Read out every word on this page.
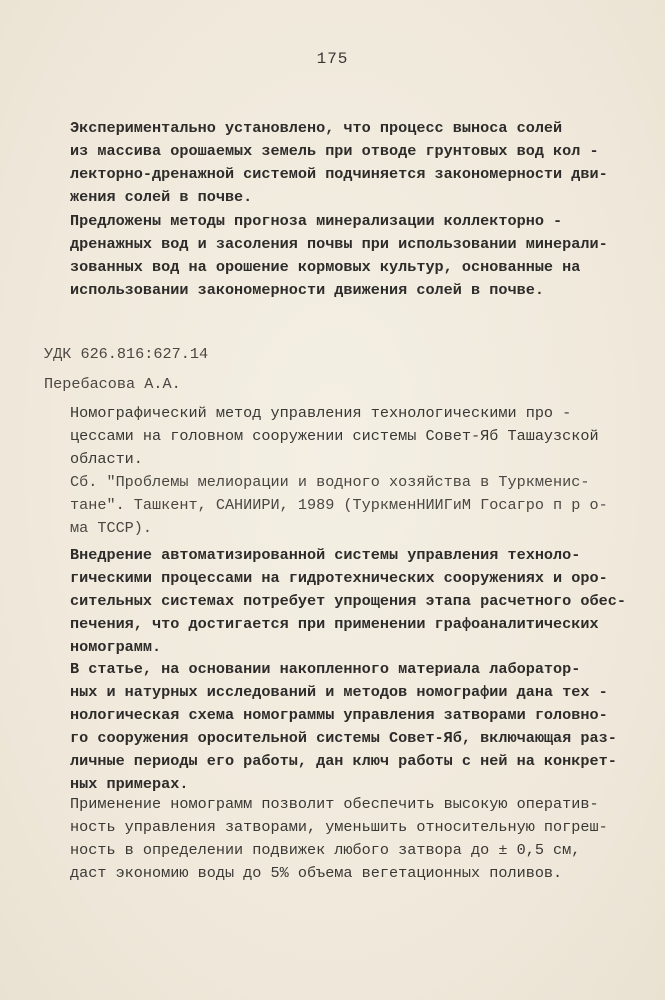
175
Экспериментально установлено, что процесс выноса солей
из массива орошаемых земель при отводе грунтовых вод кол -
лекторно-дренажной системой подчиняется закономерности дви-
жения солей в почве.
Предложены методы прогноза минерализации коллекторно -
дренажных вод и засоления почвы при использовании минерали-
зованных вод на орошение кормовых культур, основанные на
использовании закономерности движения солей в почве.
УДК 626.816:627.14
Перебасова А.А.
Номографический метод управления технологическими про -
цессами на головном сооружении системы Совет-Яб Ташаузской
области.
Сб. "Проблемы мелиорации и водного хозяйства в Туркменис-
тане". Ташкент, САНИИРИ, 1989 (ТуркменНИИГиМ Госагро п р о-
ма ТССР).
Внедрение автоматизированной системы управления техноло-
гическими процессами на гидротехнических сооружениях и оро-
сительных системах потребует упрощения этапа расчетного обес-
печения, что достигается при применении графоаналитических
номограмм.
В статье, на основании накопленного материала лаборатор-
ных и натурных исследований и методов номографии дана тех -
нологическая схема номограммы управления затворами головно-
го сооружения оросительной системы Совет-Яб, включающая раз-
личные периоды его работы, дан ключ работы с ней на конкрет-
ных примерах.
Применение номограмм позволит обеспечить высокую оператив-
ность управления затворами, уменьшить относительную погреш-
ность в определении подвижек любого затвора до ± 0,5 см,
даст экономию воды до 5% объема вегетационных поливов.
